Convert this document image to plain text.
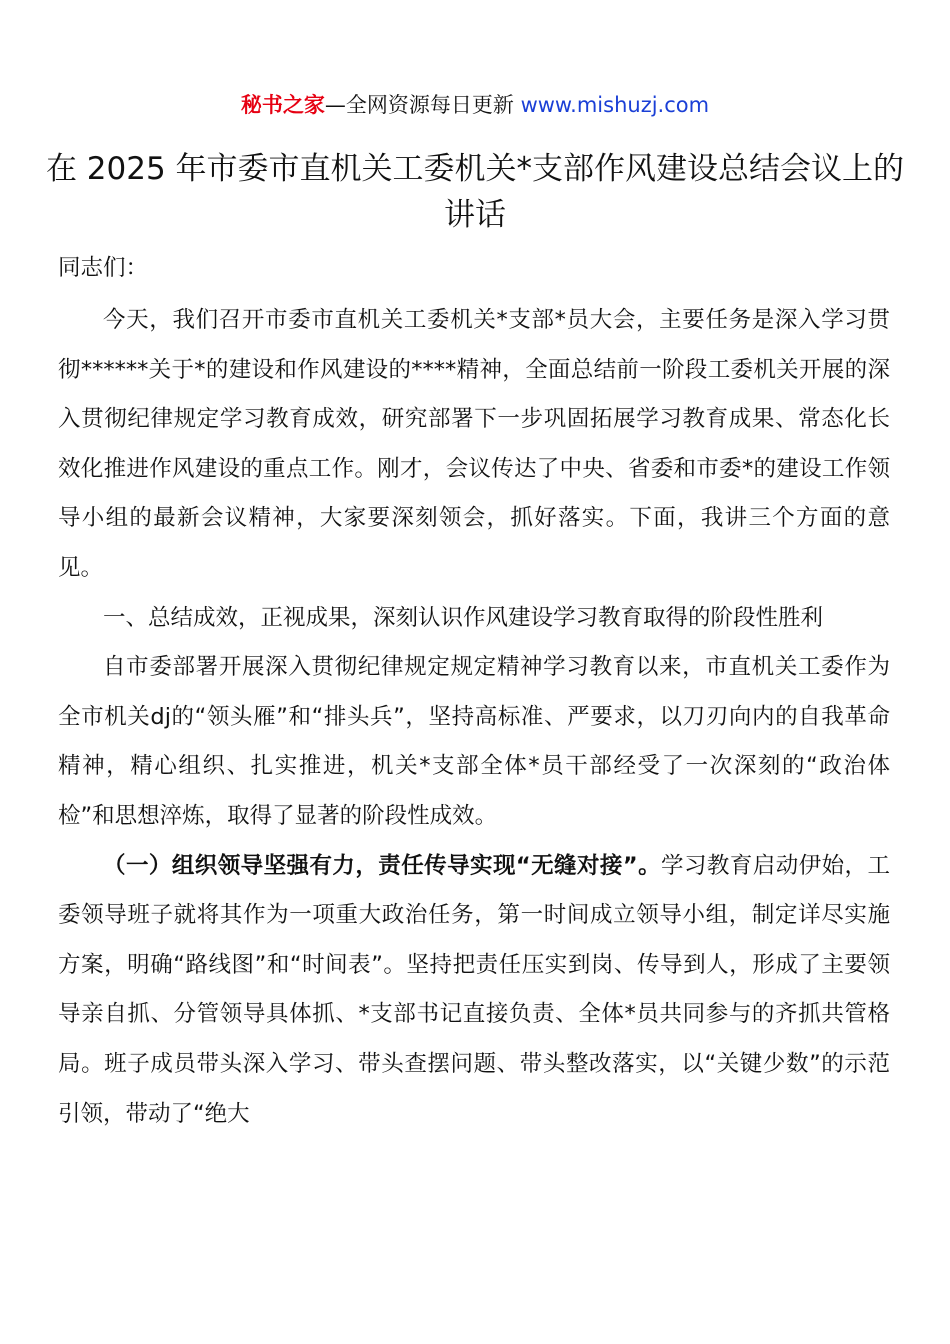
秘书之家—全网资源每日更新 www.mishuzj.com
在 2025 年市委市直机关工委机关*支部作风建设总结会议上的讲话

同志们：

今天，我们召开市委市直机关工委机关*支部*员大会，主要任务是深入学习贯彻******关于*的建设和作风建设的****精神，全面总结前一阶段工委机关开展的深入贯彻纪律规定学习教育成效，研究部署下一步巩固拓展学习教育成果、常态化长效化推进作风建设的重点工作。刚才，会议传达了中央、省委和市委*的建设工作领导小组的最新会议精神，大家要深刻领会，抓好落实。下面，我讲三个方面的意见。

一、总结成效，正视成果，深刻认识作风建设学习教育取得的阶段性胜利

自市委部署开展深入贯彻纪律规定规定精神学习教育以来，市直机关工委作为全市机关dj的“领头雁”和“排头兵”，坚持高标准、严要求，以刀刃向内的自我革命精神，精心组织、扎实推进，机关*支部全体*员干部经受了一次深刻的“政治体检”和思想淬炼，取得了显著的阶段性成效。

（一）组织领导坚强有力，责任传导实现“无缝对接”。学习教育启动伊始，工委领导班子就将其作为一项重大政治任务，第一时间成立领导小组，制定详尽实施方案，明确“路线图”和“时间表”。坚持把责任压实到岗、传导到人，形成了主要领导亲自抓、分管领导具体抓、*支部书记直接负责、全体*员共同参与的齐抓共管格局。班子成员带头深入学习、带头查摆问题、带头整改落实，以“关键少数”的示范引领，带动了“绝大
